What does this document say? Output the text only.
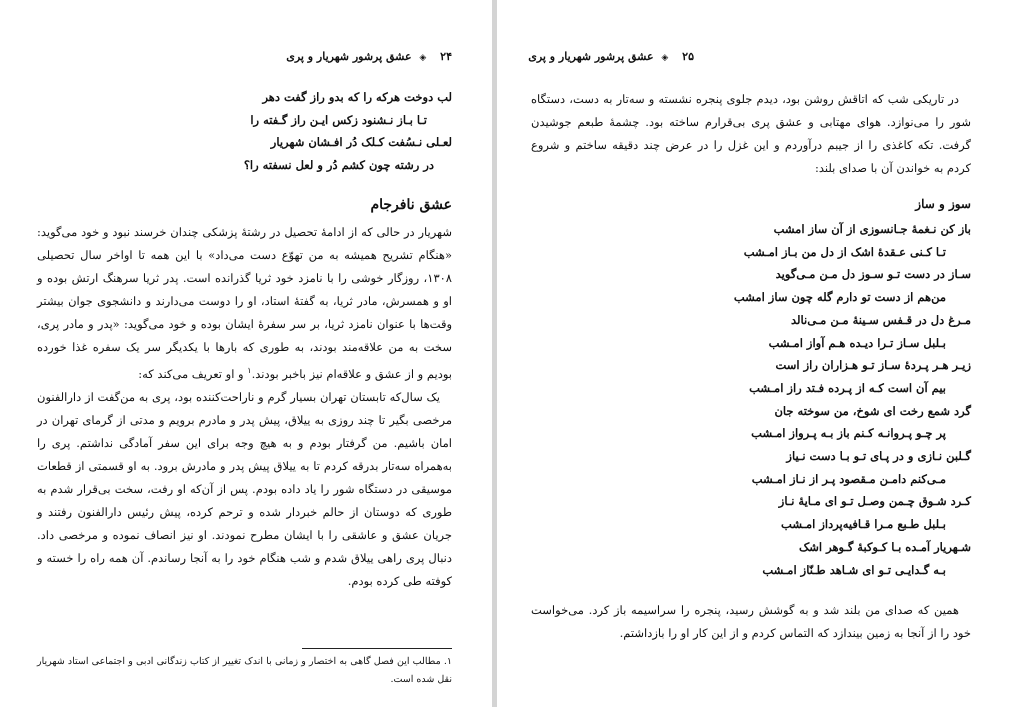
۲۴ ◈ عشق پرشور شهریار و پری
لب دوخت هرکه را که بدو راز گفت دهر
تـا بـاز نـشنود زکس ایـن راز گـفته را
لعـلی نـسُفت کـلک دُر افـشان شهریار
در رشته چون کشم دُر و لعل نسفته را؟
عشق نافرجام

شهریار در حالی که از ادامۀ تحصیل در رشتۀ پزشکی چندان خرسند نبود و خود می‌گوید: «هنگام تشریح همیشه به من تهوّع دست می‌داد» با این همه تا اواخر سال تحصیلی ۱۳۰۸، روزگار خوشی را با نامزد خود ثریا گذرانده است. پدر ثریا سرهنگ ارتش بوده و او و همسرش، مادر ثریا، به گفتۀ استاد، او را دوست می‌دارند و دانشجوی جوان بیشتر وقت‌ها با عنوان نامزد ثریا، بر سر سفرۀ ایشان بوده و خود می‌گوید: «پدر و مادر پری، سخت به من علاقه‌مند بودند، به طوری که بارها با یکدیگر سر یک سفره غذا خورده بودیم و از عشق و علاقه‌ام نیز باخبر بودند.$^۱$ و او تعریف می‌کند که:

یک سال‌که تابستان تهران بسیار گرم و ناراحت‌کننده بود، پری به من‌گفت از دارالفنون مرخصی بگیر تا چند روزی به ییلاق، پیش پدر و مادرم برویم و مدتی از گرمای تهران در امان باشیم. من گرفتار بودم و به هیچ وجه برای این سفر آمادگی نداشتم. پری را به‌همراه سه‌تار بدرقه کردم تا به ییلاق پیش پدر و مادرش برود. به او قسمتی از قطعات موسیقی در دستگاه شور را یاد داده بودم. پس از آن‌که او رفت، سخت بی‌قرار شدم به طوری که دوستان از حالم خبردار شده و ترحم کرده، پیش رئیس دارالفنون رفتند و جریان عشق و عاشقی را با ایشان مطرح نمودند. او نیز انصاف نموده و مرخصی داد. دنبال پری راهی ییلاق شدم و شب هنگام خود را به آنجا رساندم. آن همه راه را خسته و کوفته طی کرده بودم.

۱. مطالب این فصل گاهی به اختصار و زمانی با اندک تغییر از کتاب زندگانی ادبی و اجتماعی استاد شهریار نقل شده است.
۲۵ ◈ عشق پرشور شهریار و پری

در تاریکی شب که اتاقش روشن بود، دیدم جلوی پنجره نشسته و سه‌تار به دست، دستگاه شور را می‌نوازد. هوای مهتابی و عشق پری بی‌قرارم ساخته بود. چشمۀ طبعم جوشیدن گرفت. تکه کاغذی را از جیبم درآوردم و این غزل را در عرض چند دقیقه ساختم و شروع کردم به خواندن آن با صدای بلند:

سوز و ساز
باز کن نـغمۀ جـانسوزی از آن ساز امشب
تـا کـنی عـقدۀ اشک از دل من بـاز امـشب
سـاز در دست تـو سـوز دل مـن مـی‌گوید
من‌هم از دست تو دارم گله چون ساز امشب
مـرغ دل در قـفس سـینۀ مـن مـی‌نالد
بـلبل سـاز تـرا دیـده هـم آواز امـشب
زیـر هـر پـردۀ سـاز تـو هـزاران راز است
بیم آن است کـه از پـرده فـتد راز امـشب
گرد شمع رخت ای شوخ، من سوخته جان
پر چـو پـروانـه کـنم باز بـه پـرواز امـشب
گـلبن نـازی و در پـای تـو بـا دست نـیاز
مـی‌کنم دامـن مـقصود پـر از نـاز امـشب
کـرد شـوق چـمن وصـل تـو ای مـایۀ نـاز
بـلبل طـبع مـرا قـافیه‌پرداز امـشب
شـهریار آمـده بـا کـوکبۀ گـوهر اشک
بـه گـدایـی تـو ای شـاهد طـنّاز امـشب

همین که صدای من بلند شد و به گوشش رسید، پنجره را سراسیمه باز کرد. می‌خواست خود را از آنجا به زمین بیندازد که التماس کردم و از این کار او را بازداشتم.
